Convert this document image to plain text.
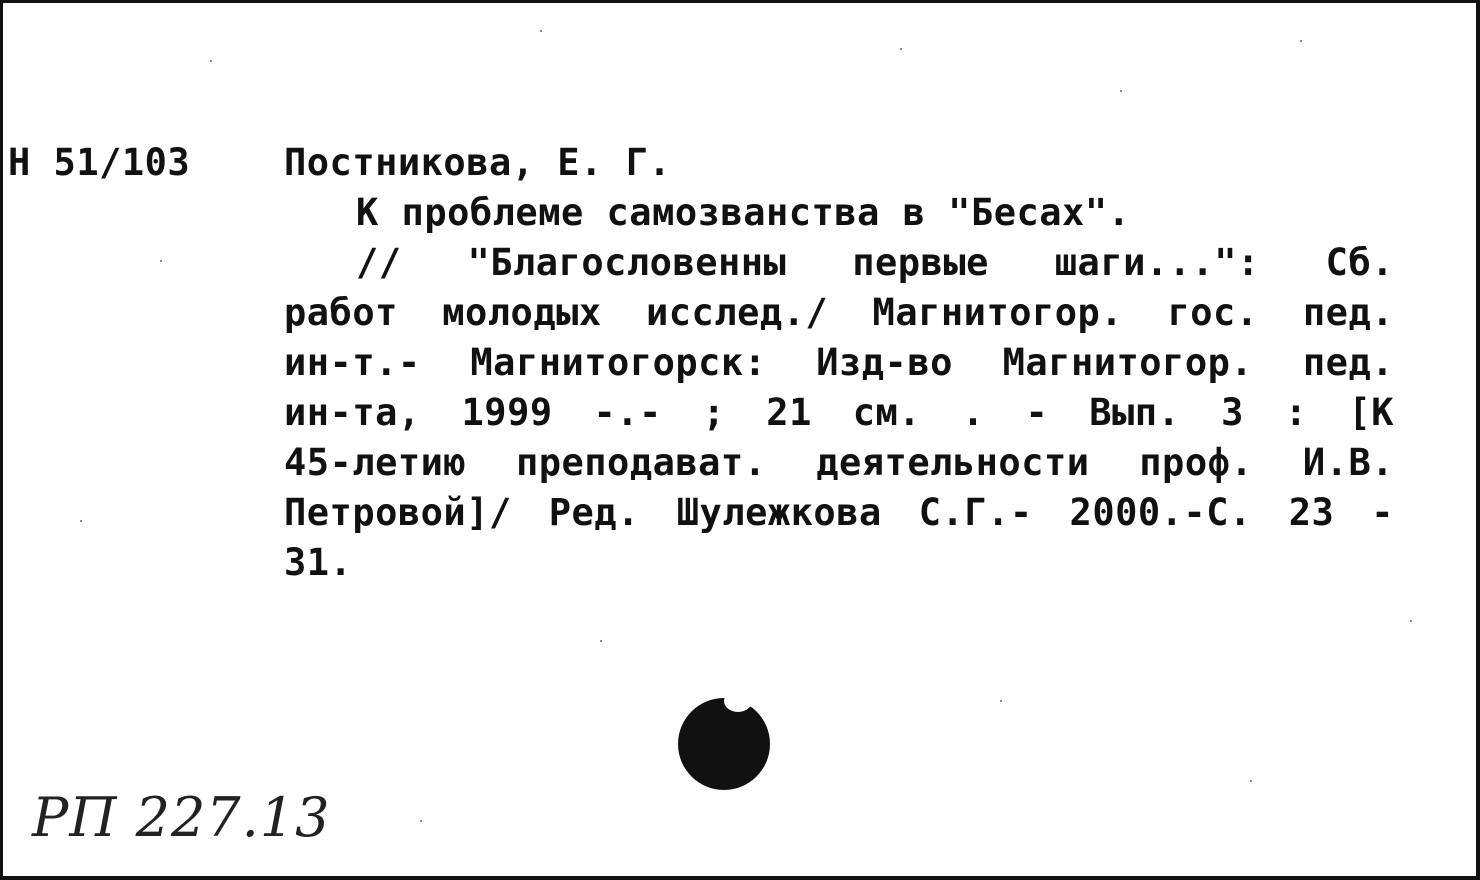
Н 51/103	Постникова, Е. Г.
К проблеме самозванства в "Бесах".
// "Благословенны первые шаги...": Сб.
работ молодых исслед./ Магнитогор. гос. пед.
ин-т.- Магнитогорск: Изд-во Магнитогор. пед.
ин-та, 1999 -.- ; 21 см. . - Вып. 3 : [К
45-летию преподават. деятельности проф. И.В.
Петровой]/ Ред. Шулежкова С.Г.- 2000.-С. 23 -
31.
РП 227.13
